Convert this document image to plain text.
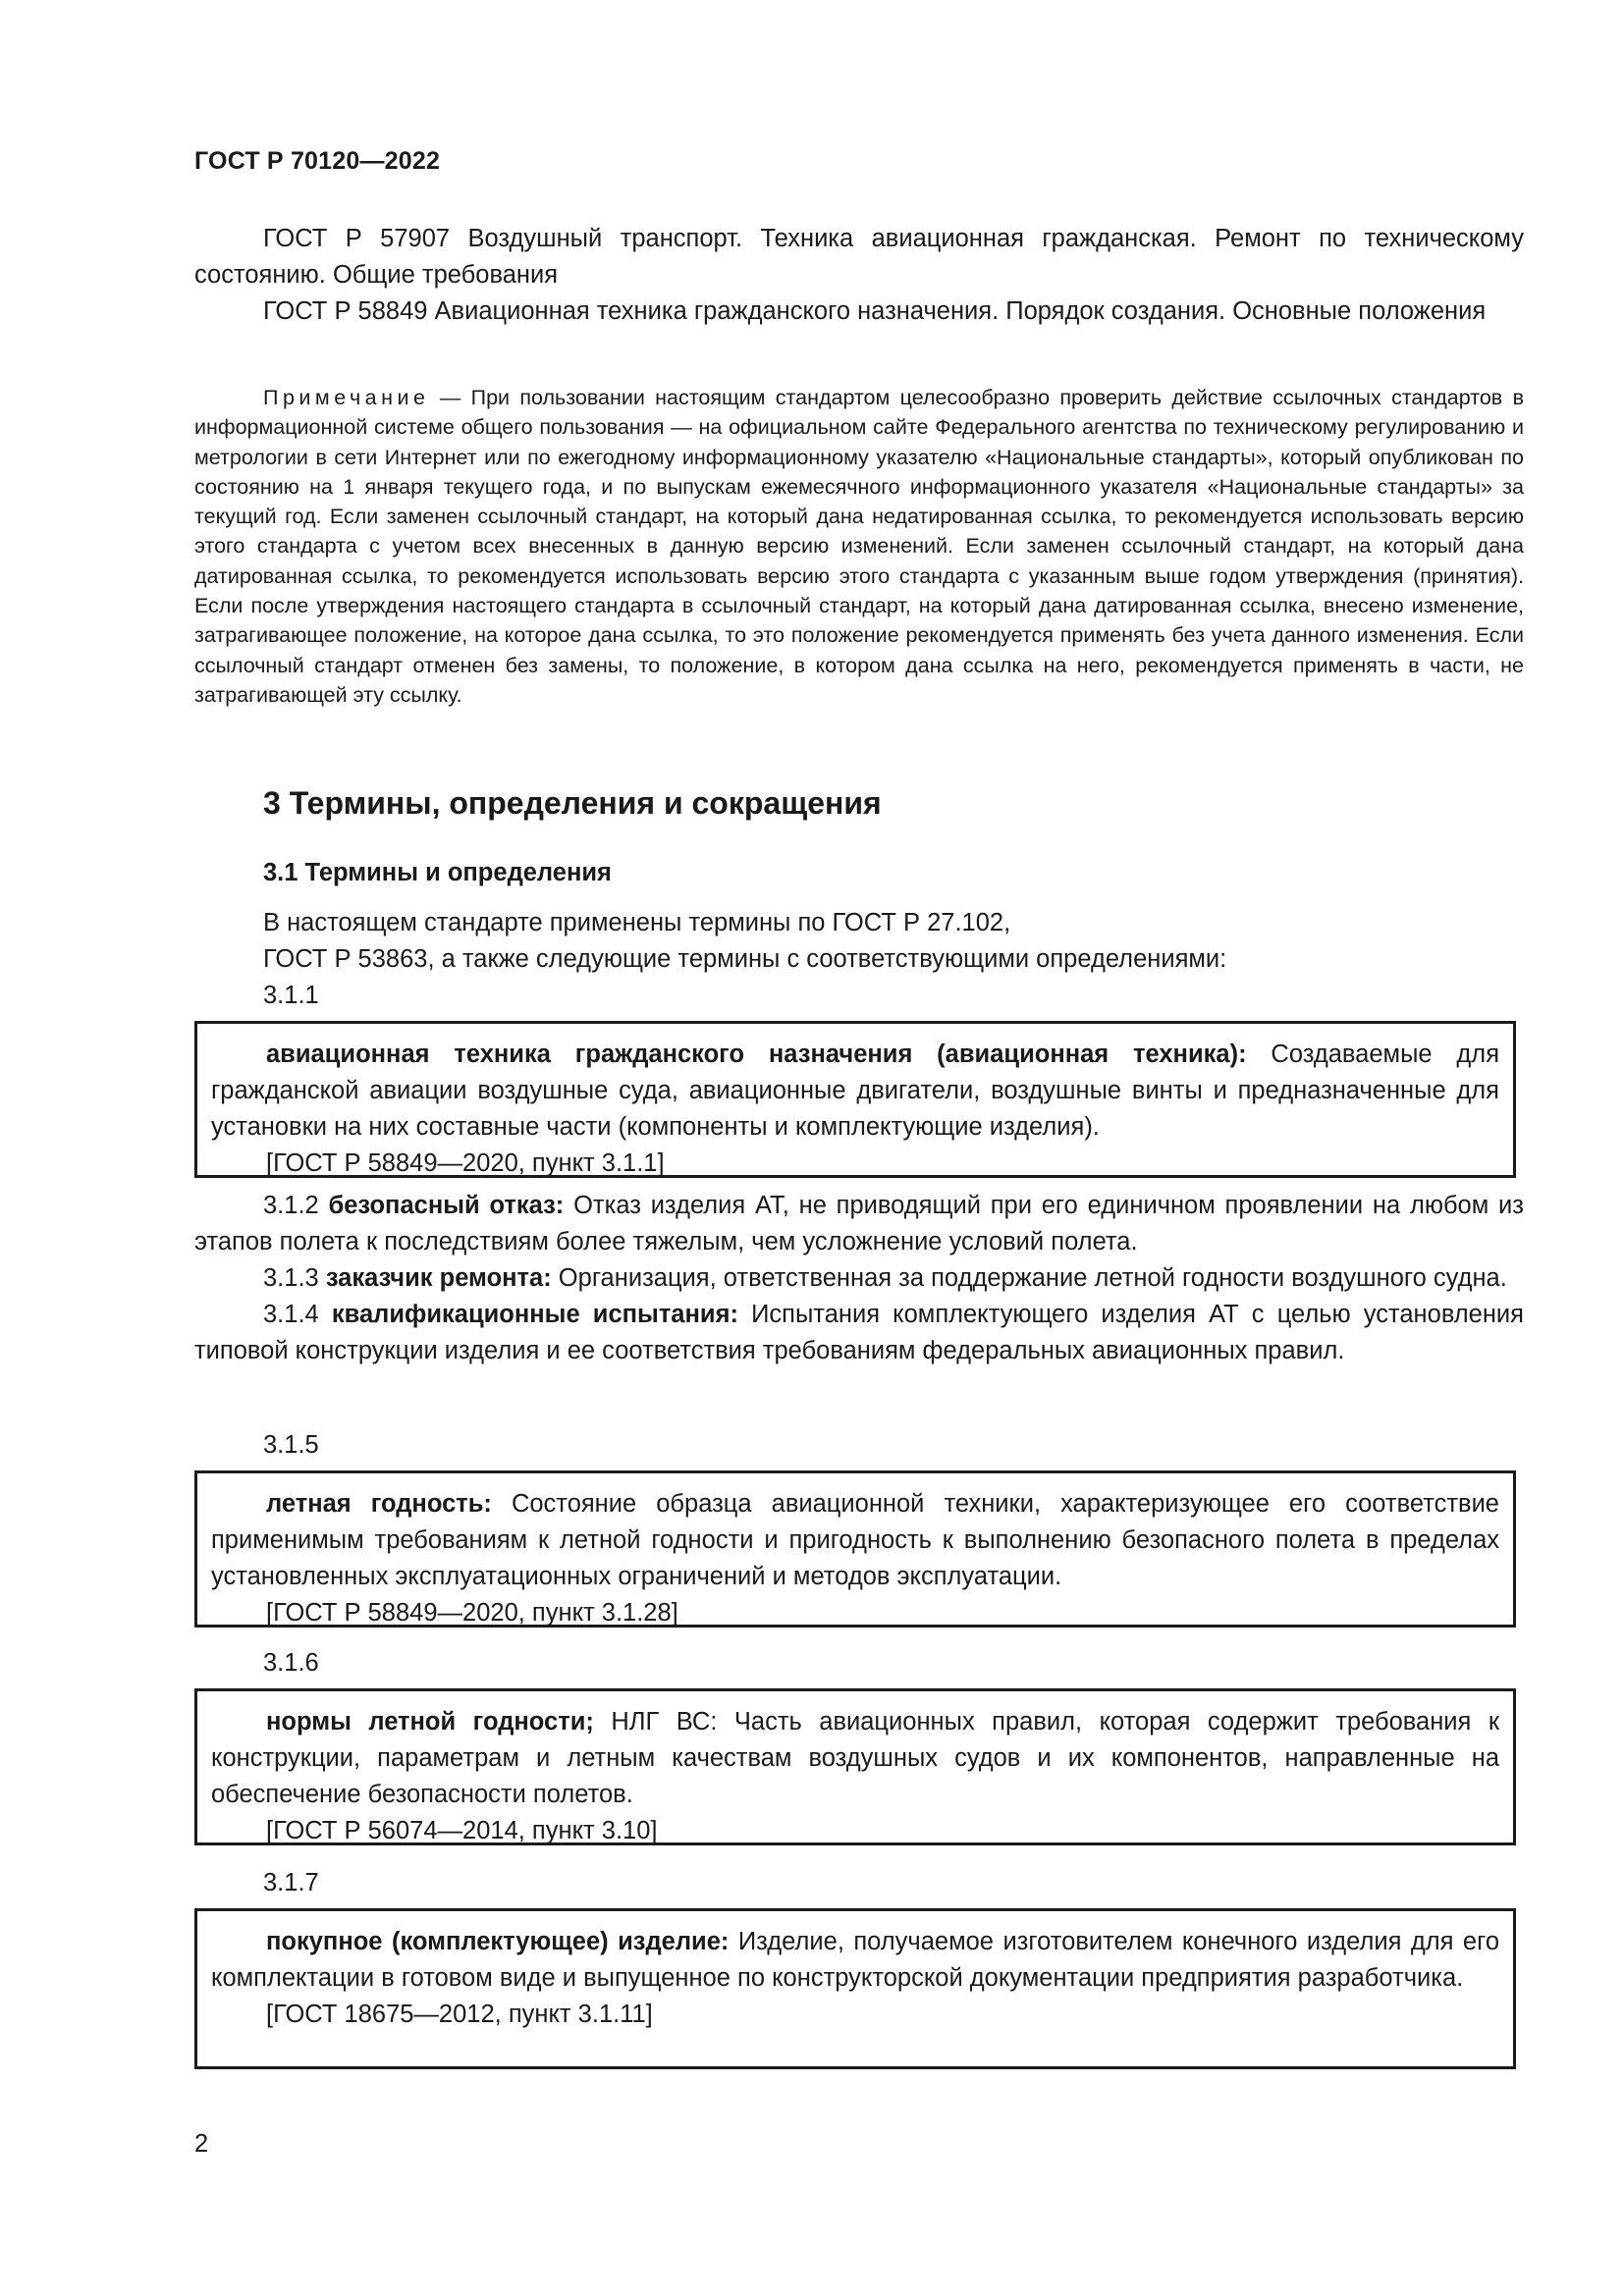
ГОСТ Р 70120—2022

ГОСТ Р 57907 Воздушный транспорт. Техника авиационная гражданская. Ремонт по техническому состоянию. Общие требования

ГОСТ Р 58849 Авиационная техника гражданского назначения. Порядок создания. Основные положения

Примечание — При пользовании настоящим стандартом целесообразно проверить действие ссылочных стандартов в информационной системе общего пользования — на официальном сайте Федерального агентства по техническому регулированию и метрологии в сети Интернет или по ежегодному информационному указателю «Национальные стандарты», который опубликован по состоянию на 1 января текущего года, и по выпускам ежемесячного информационного указателя «Национальные стандарты» за текущий год. Если заменен ссылочный стандарт, на который дана недатированная ссылка, то рекомендуется использовать версию этого стандарта с учетом всех внесенных в данную версию изменений. Если заменен ссылочный стандарт, на который дана датированная ссылка, то рекомендуется использовать версию этого стандарта с указанным выше годом утверждения (принятия). Если после утверждения настоящего стандарта в ссылочный стандарт, на который дана датированная ссылка, внесено изменение, затрагивающее положение, на которое дана ссылка, то это положение рекомендуется применять без учета данного изменения. Если ссылочный стандарт отменен без замены, то положение, в котором дана ссылка на него, рекомендуется применять в части, не затрагивающей эту ссылку.

3 Термины, определения и сокращения
3.1 Термины и определения

В настоящем стандарте применены термины по ГОСТ Р 27.102,

ГОСТ Р 53863, а также следующие термины с соответствующими определениями:

3.1.1

авиационная техника гражданского назначения (авиационная техника): Создаваемые для гражданской авиации воздушные суда, авиационные двигатели, воздушные винты и предназначенные для установки на них составные части (компоненты и комплектующие изделия).

[ГОСТ Р 58849—2020, пункт 3.1.1]

3.1.2 безопасный отказ: Отказ изделия АТ, не приводящий при его единичном проявлении на любом из этапов полета к последствиям более тяжелым, чем усложнение условий полета.

3.1.3 заказчик ремонта: Организация, ответственная за поддержание летной годности воздушного судна.

3.1.4 квалификационные испытания: Испытания комплектующего изделия АТ с целью установления типовой конструкции изделия и ее соответствия требованиям федеральных авиационных правил.

3.1.5

летная годность: Состояние образца авиационной техники, характеризующее его соответствие применимым требованиям к летной годности и пригодность к выполнению безопасного полета в пределах установленных эксплуатационных ограничений и методов эксплуатации.

[ГОСТ Р 58849—2020, пункт 3.1.28]

3.1.6

нормы летной годности; НЛГ ВС: Часть авиационных правил, которая содержит требования к конструкции, параметрам и летным качествам воздушных судов и их компонентов, направленные на обеспечение безопасности полетов.

[ГОСТ Р 56074—2014, пункт 3.10]

3.1.7

покупное (комплектующее) изделие: Изделие, получаемое изготовителем конечного изделия для его комплектации в готовом виде и выпущенное по конструкторской документации предприятия разработчика.

[ГОСТ 18675—2012, пункт 3.1.11]

2
